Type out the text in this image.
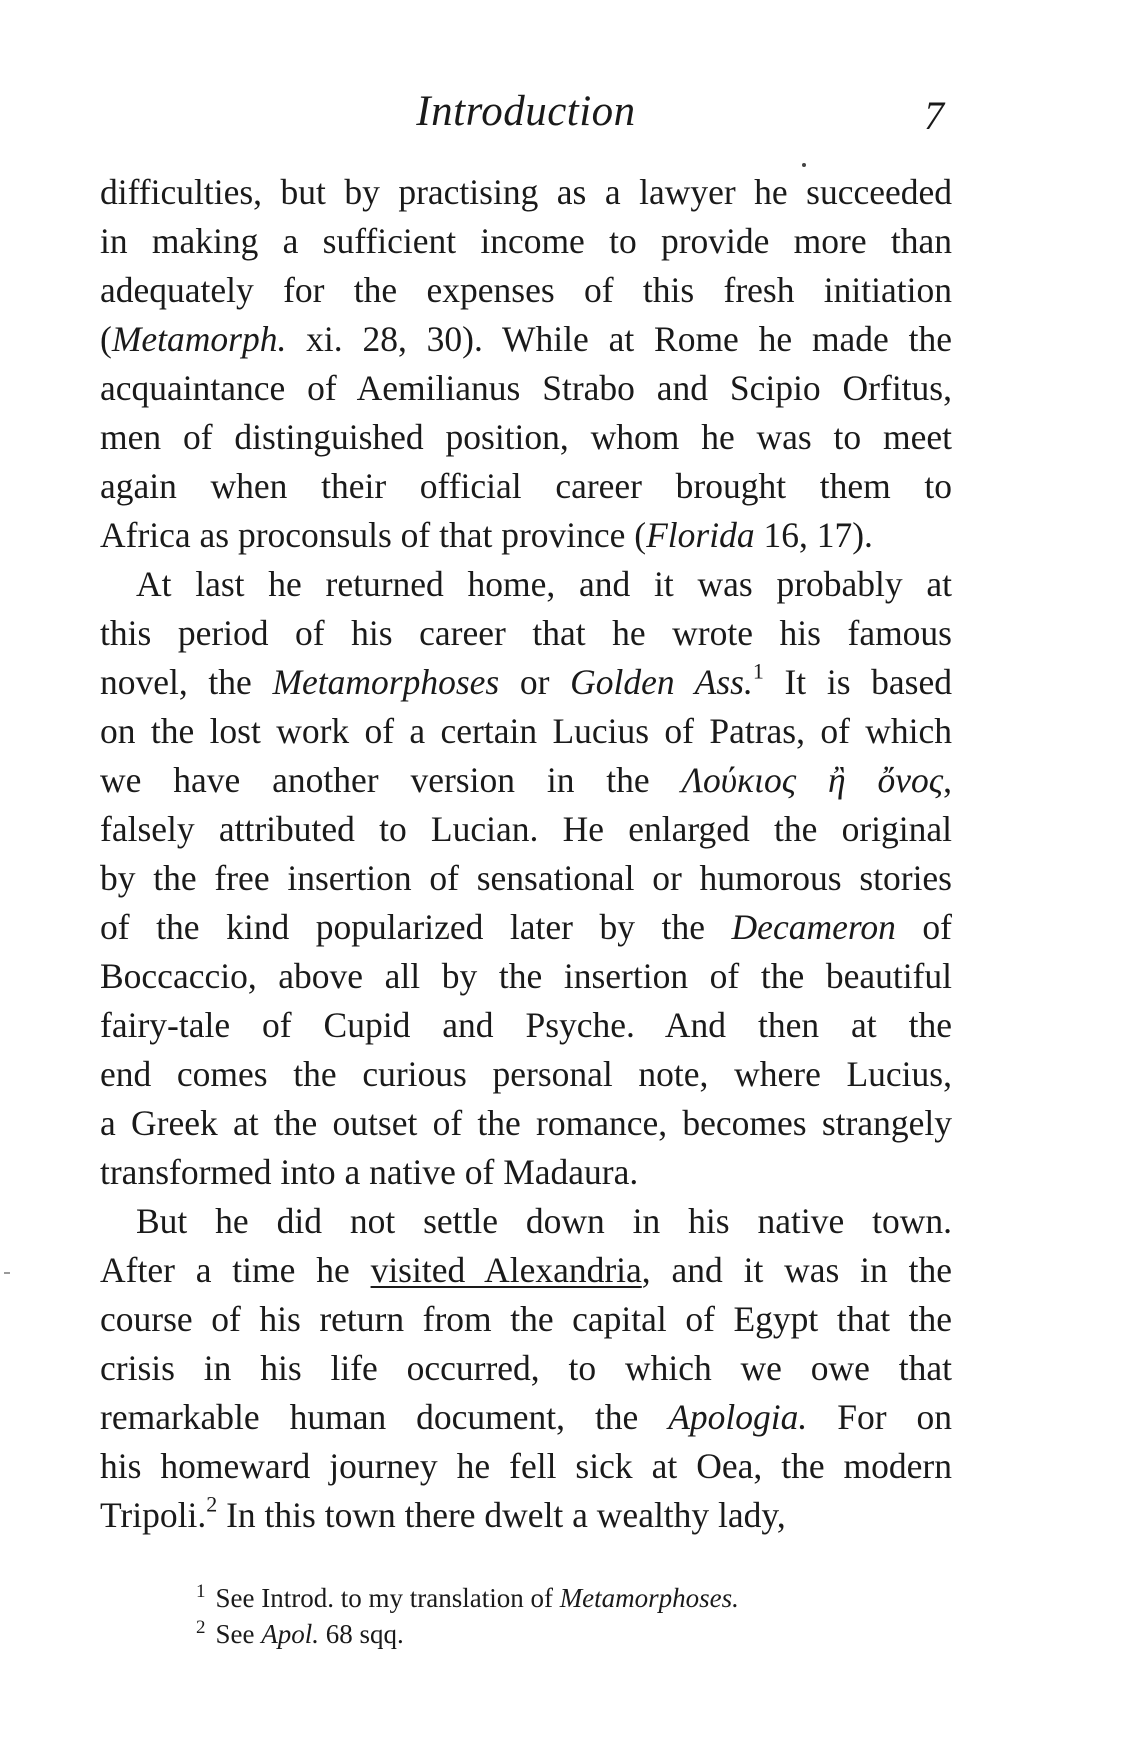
Introduction	7
difficulties, but by practising as a lawyer he succeeded
in making a sufficient income to provide more than
adequately for the expenses of this fresh initiation
(Metamorph. xi. 28, 30). While at Rome he made the
acquaintance of Aemilianus Strabo and Scipio Orfitus,
men of distinguished position, whom he was to meet
again when their official career brought them to
Africa as proconsuls of that province (Florida 16, 17).
At last he returned home, and it was probably at
this period of his career that he wrote his famous
novel, the Metamorphoses or Golden Ass.$^1$ It is based
on the lost work of a certain Lucius of Patras, of which
we have another version in the Λούκιος ἢ ὄνος,
falsely attributed to Lucian. He enlarged the original
by the free insertion of sensational or humorous stories
of the kind popularized later by the Decameron of
Boccaccio, above all by the insertion of the beautiful
fairy-tale of Cupid and Psyche. And then at the
end comes the curious personal note, where Lucius,
a Greek at the outset of the romance, becomes strangely
transformed into a native of Madaura.
But he did not settle down in his native town.
After a time he visited Alexandria, and it was in the
course of his return from the capital of Egypt that the
crisis in his life occurred, to which we owe that
remarkable human document, the Apologia. For on
his homeward journey he fell sick at Oea, the modern
Tripoli.$^2$ In this town there dwelt a wealthy lady,
$^1$ See Introd. to my translation of Metamorphoses.
$^2$ See Apol. 68 sqq.
